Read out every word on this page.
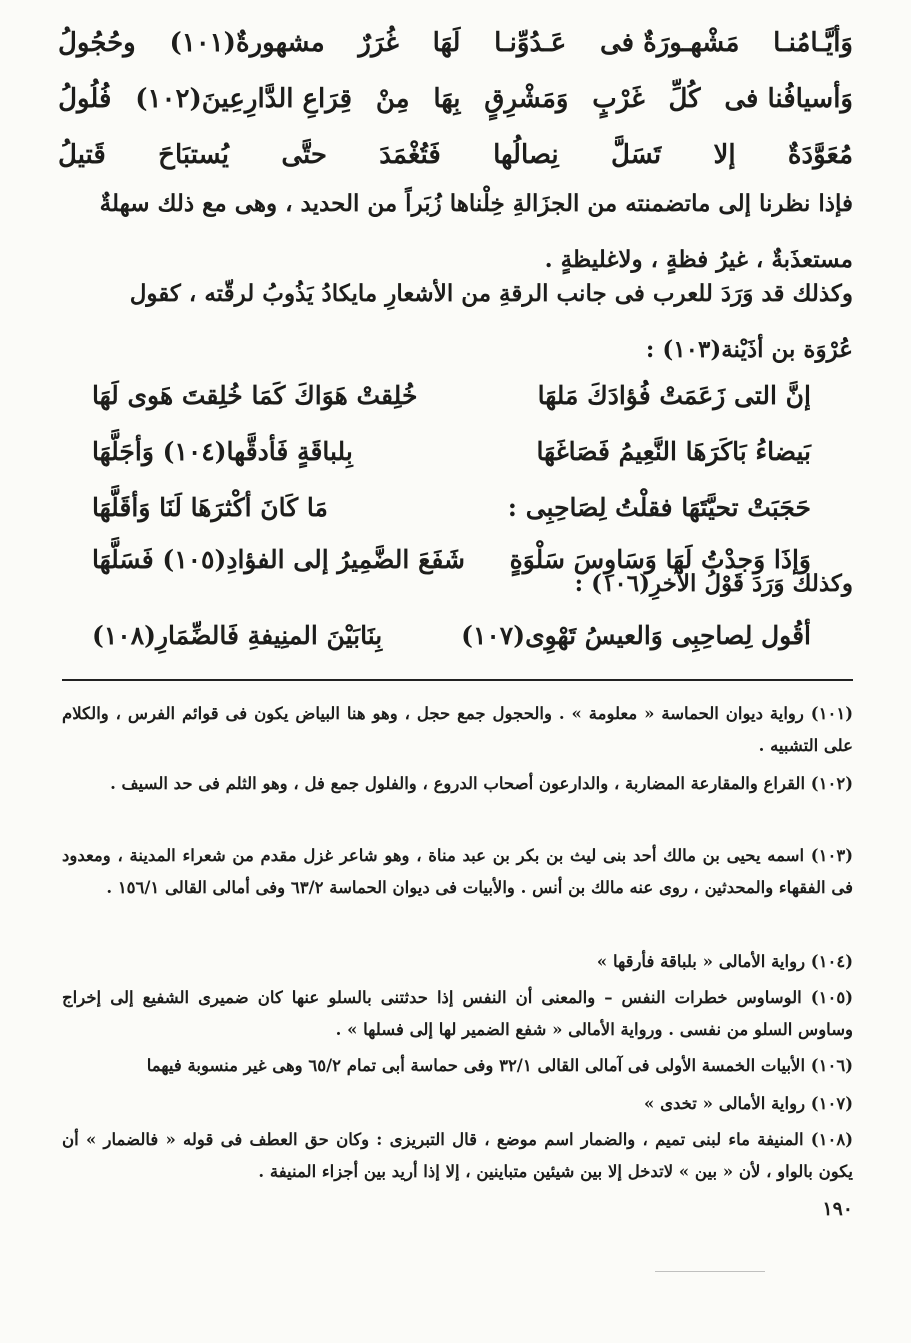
وَأيَّـامُنـا
مَشْهـورَةٌ فى
عَـدُوِّنـا
لَهَا
غُرَرٌ
مشهورةٌ(١٠١)
وحُجُولُ
وَأسيافُنا فى
كُلِّ
غَرْبٍ
وَمَشْرِقٍ
بِهَا
مِنْ
قِرَاعِ الدَّارِعِينَ(١٠٢)
فُلُولُ
مُعَوَّدَةٌ
إلا
تَسَلَّ
نِصالُها
فَتُغْمَدَ
حتَّى
يُستبَاحَ
قَتيلُ
فإذا نظرنا إلى ماتضمنته من الجزَالةِ خِلْناها زُبَراً من الحديد ، وهى مع ذلك سهلةٌ
مستعذَبةٌ ، غيرُ فظةٍ ، ولاغليظةٍ .
وكذلك قد وَرَدَ للعرب فى جانب الرقةِ من الأشعارِ مايكادُ يَذُوبُ لرقّته ، كقول
عُرْوَة بن أذَيْنة(١٠٣) :
إنَّ التى زَعَمَتْ فُؤادَكَ مَلهَا
خُلِقتْ هَوَاكَ كَمَا خُلِقتَ هَوى لَهَا
بَيضاءُ بَاكَرَهَا النَّعِيمُ فَصَاغَهَا
بِلباقَةٍ فَأدقَّها(١٠٤) وَأجَلَّهَا
حَجَبَتْ تحيَّتَهَا فقلْتُ لِصَاحِبِى :
مَا كَانَ أكْثرَهَا لَنَا وَأقَلَّهَا
وَإذَا وَجدْتُ لَهَا وَسَاوِسَ سَلْوَةٍ
شَفَعَ الضَّمِيرُ إلى الفؤادِ(١٠٥) فَسَلَّهَا
وكذلك وَرَدَ قَوْلُ الآخرِ(١٠٦) :
أقُول لِصاحِبِى وَالعيسُ تَهْوِى(١٠٧)
بِنَابَيْنَ المنِيفةِ فَالضِّمَارِ(١٠٨)
(١٠١) رواية ديوان الحماسة « معلومة » . والحجول جمع حجل ، وهو هنا البياض يكون فى قوائم الفرس ، والكلام على التشبيه .
(١٠٢) القراع والمقارعة المضاربة ، والدارعون أصحاب الدروع ، والفلول جمع فل ، وهو الثلم فى حد السيف .
(١٠٣) اسمه يحيى بن مالك أحد بنى ليث بن بكر بن عبد مناة ، وهو شاعر غزل مقدم من شعراء المدينة ، ومعدود فى الفقهاء والمحدثين ، روى عنه مالك بن أنس . والأبيات فى ديوان الحماسة ٦٣/٢ وفى أمالى القالى ١٥٦/١ .
(١٠٤) رواية الأمالى « بلباقة فأرقها »
(١٠٥) الوساوس خطرات النفس – والمعنى أن النفس إذا حدثتنى بالسلو عنها كان ضميرى الشفيع إلى إخراج وساوس السلو من نفسى . ورواية الأمالى « شفع الضمير لها إلى فسلها » .
(١٠٦) الأبيات الخمسة الأولى فى آمالى القالى ٣٢/١ وفى حماسة أبى تمام ٦٥/٢ وهى غير منسوبة فيهما
(١٠٧) رواية الأمالى « تخدى »
(١٠٨) المنيفة ماء لبنى تميم ، والضمار اسم موضع ، قال التبريزى : وكان حق العطف فى قوله « فالضمار » أن يكون بالواو ، لأن « بين » لاتدخل إلا بين شيئين متباينين ، إلا إذا أريد بين أجزاء المنيفة .
١٩٠
